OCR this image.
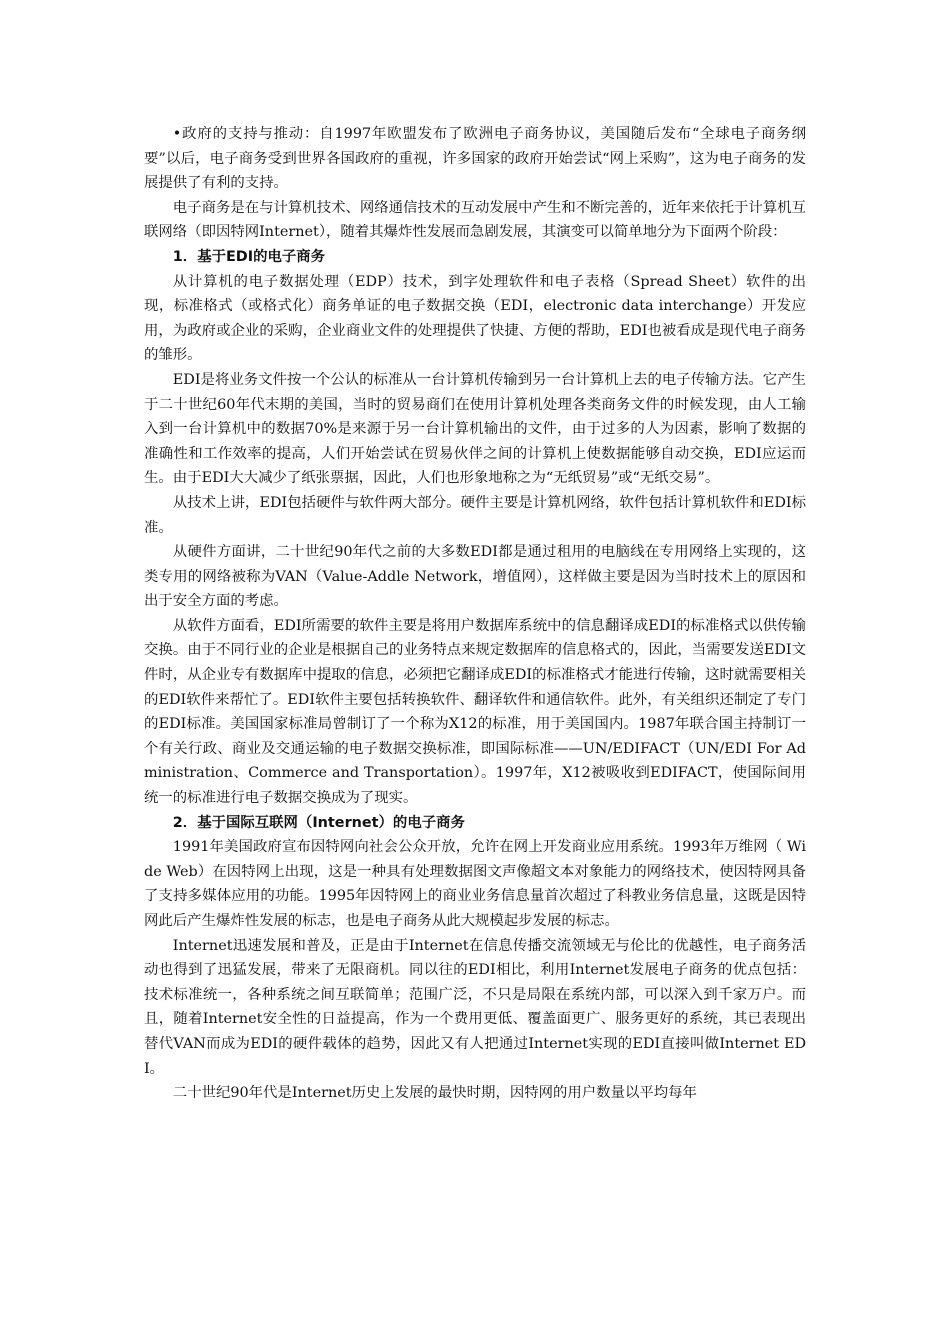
•政府的支持与推动：自1997年欧盟发布了欧洲电子商务协议，美国随后发布“全球电子商务纲要”以后，电子商务受到世界各国政府的重视，许多国家的政府开始尝试“网上采购”，这为电子商务的发展提供了有利的支持。

电子商务是在与计算机技术、网络通信技术的互动发展中产生和不断完善的，近年来依托于计算机互联网络（即因特网Internet），随着其爆炸性发展而急剧发展，其演变可以简单地分为下面两个阶段：

1．基于EDI的电子商务

从计算机的电子数据处理（EDP）技术，到字处理软件和电子表格（Spread Sheet）软件的出现，标准格式（或格式化）商务单证的电子数据交换（EDI，electronic data interchange）开发应用，为政府或企业的采购，企业商业文件的处理提供了快捷、方便的帮助，EDI也被看成是现代电子商务的雏形。

EDI是将业务文件按一个公认的标准从一台计算机传输到另一台计算机上去的电子传输方法。它产生于二十世纪60年代末期的美国，当时的贸易商们在使用计算机处理各类商务文件的时候发现，由人工输入到一台计算机中的数据70%是来源于另一台计算机输出的文件，由于过多的人为因素，影响了数据的准确性和工作效率的提高，人们开始尝试在贸易伙伴之间的计算机上使数据能够自动交换，EDI应运而生。由于EDI大大减少了纸张票据，因此，人们也形象地称之为“无纸贸易”或“无纸交易”。

从技术上讲，EDI包括硬件与软件两大部分。硬件主要是计算机网络，软件包括计算机软件和EDI标准。

从硬件方面讲，二十世纪90年代之前的大多数EDI都是通过租用的电脑线在专用网络上实现的，这类专用的网络被称为VAN（Value-Addle Network，增值网），这样做主要是因为当时技术上的原因和出于安全方面的考虑。

从软件方面看，EDI所需要的软件主要是将用户数据库系统中的信息翻译成EDI的标准格式以供传输交换。由于不同行业的企业是根据自己的业务特点来规定数据库的信息格式的，因此，当需要发送EDI文件时，从企业专有数据库中提取的信息，必须把它翻译成EDI的标准格式才能进行传输，这时就需要相关的EDI软件来帮忙了。EDI软件主要包括转换软件、翻译软件和通信软件。此外，有关组织还制定了专门的EDI标准。美国国家标准局曾制订了一个称为X12的标准，用于美国国内。1987年联合国主持制订一个有关行政、商业及交通运输的电子数据交换标准，即国际标准——UN/EDIFACT（UN/EDI For Administration、Commerce and Transportation）。1997年，X12被吸收到EDIFACT，使国际间用统一的标准进行电子数据交换成为了现实。

2．基于国际互联网（Internet）的电子商务

1991年美国政府宣布因特网向社会公众开放，允许在网上开发商业应用系统。1993年万维网（ Wide Web）在因特网上出现，这是一种具有处理数据图文声像超文本对象能力的网络技术，使因特网具备了支持多媒体应用的功能。1995年因特网上的商业业务信息量首次超过了科教业务信息量，这既是因特网此后产生爆炸性发展的标志，也是电子商务从此大规模起步发展的标志。

Internet迅速发展和普及，正是由于Internet在信息传播交流领域无与伦比的优越性，电子商务活动也得到了迅猛发展，带来了无限商机。同以往的EDI相比，利用Internet发展电子商务的优点包括：技术标准统一，各种系统之间互联简单；范围广泛，不只是局限在系统内部，可以深入到千家万户。而且，随着Internet安全性的日益提高，作为一个费用更低、覆盖面更广、服务更好的系统，其已表现出替代VAN而成为EDI的硬件载体的趋势，因此又有人把通过Internet实现的EDI直接叫做Internet EDI。

二十世纪90年代是Internet历史上发展的最快时期，因特网的用户数量以平均每年
